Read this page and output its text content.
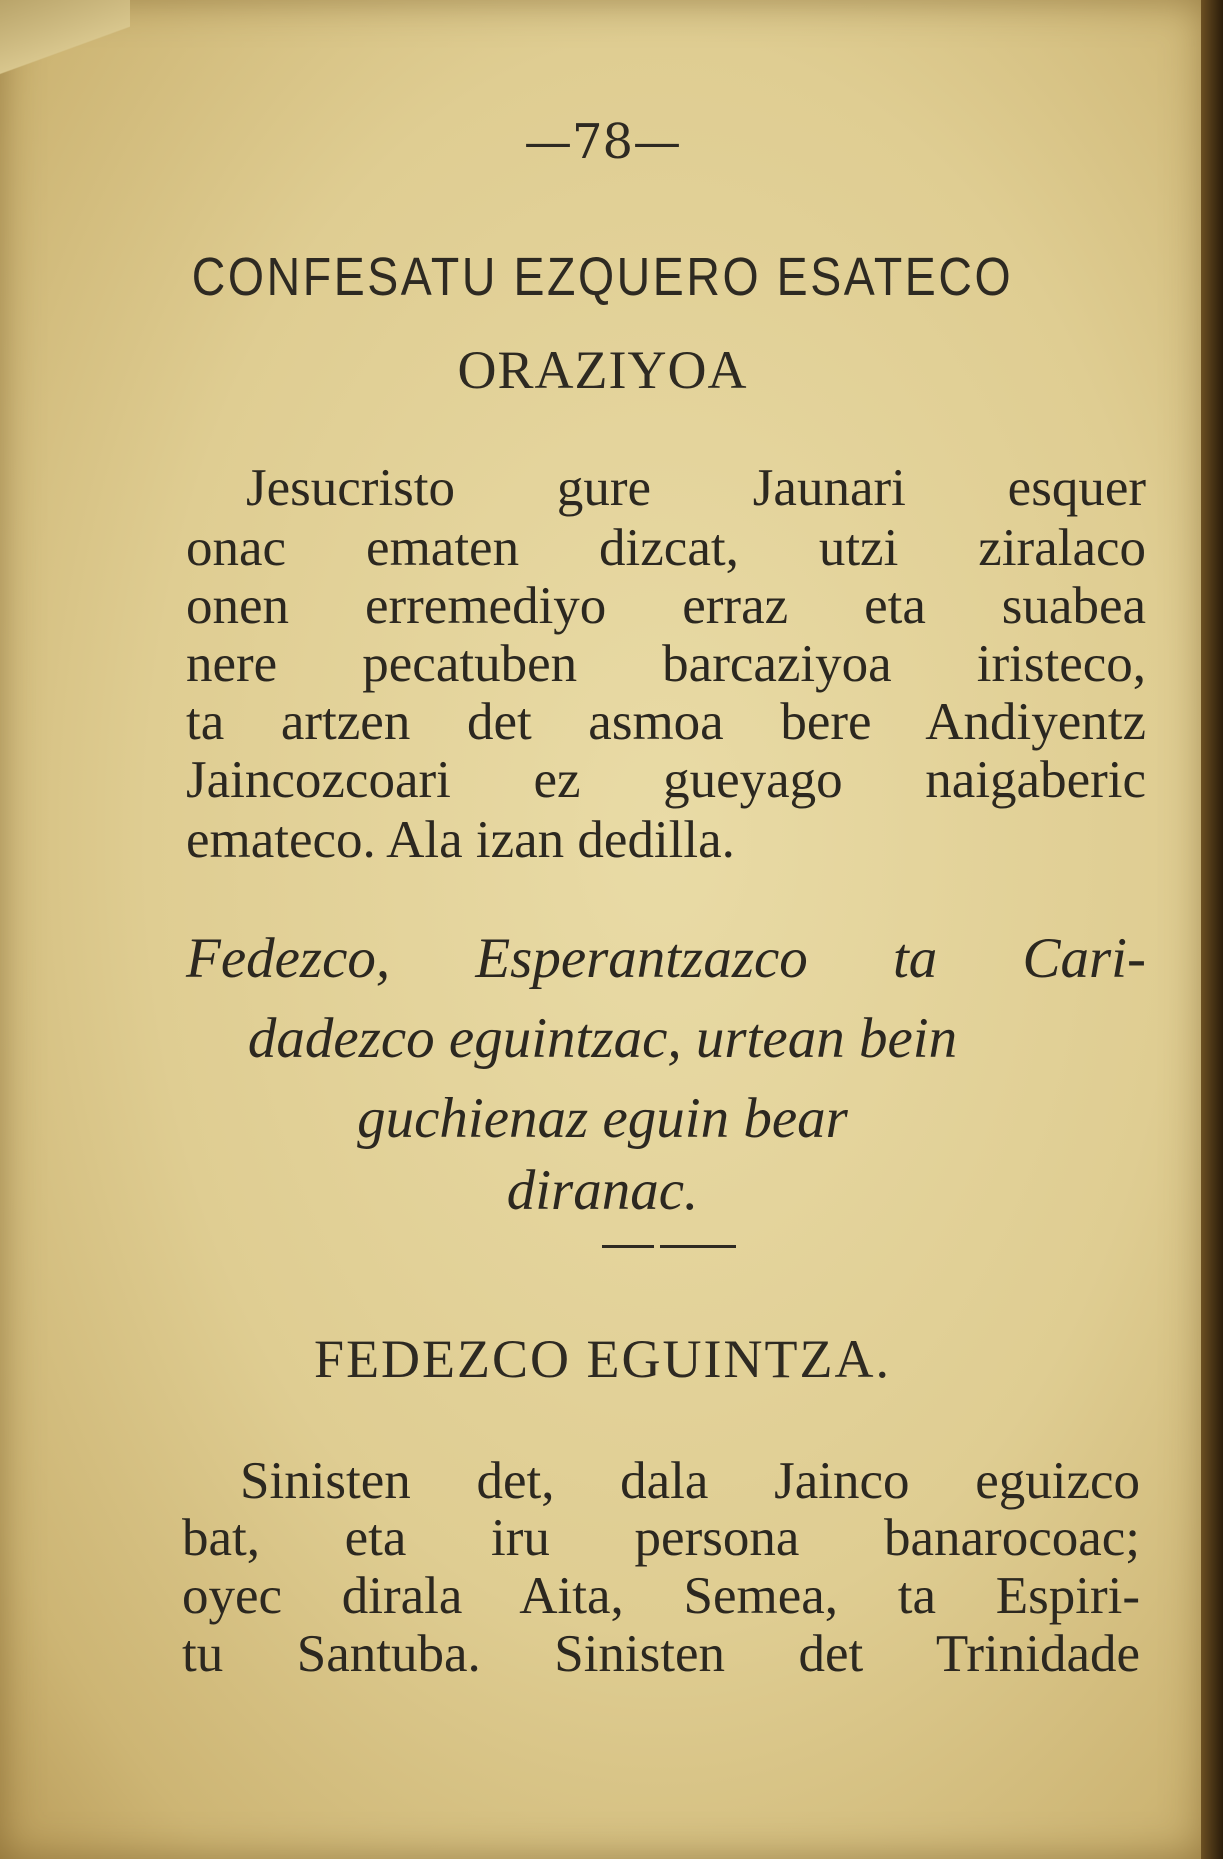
—78—
CONFESATU EZQUERO ESATECO
ORAZIYOA
Jesucristo gure Jaunari esquer
onac ematen dizcat, utzi ziralaco
onen erremediyo erraz eta suabea
nere pecatuben barcaziyoa iristeco,
ta artzen det asmoa bere Andiyentz
Jaincozcoari ez gueyago naigaberic
emateco. Ala izan dedilla.
Fedezco, Esperantzazco ta Cari-
dadezco eguintzac, urtean bein
guchienaz eguin bear
diranac.
FEDEZCO EGUINTZA.
Sinisten det, dala Jainco eguizco
bat, eta iru persona banarocoac;
oyec dirala Aita, Semea, ta Espiri-
tu Santuba. Sinisten det Trinidade
